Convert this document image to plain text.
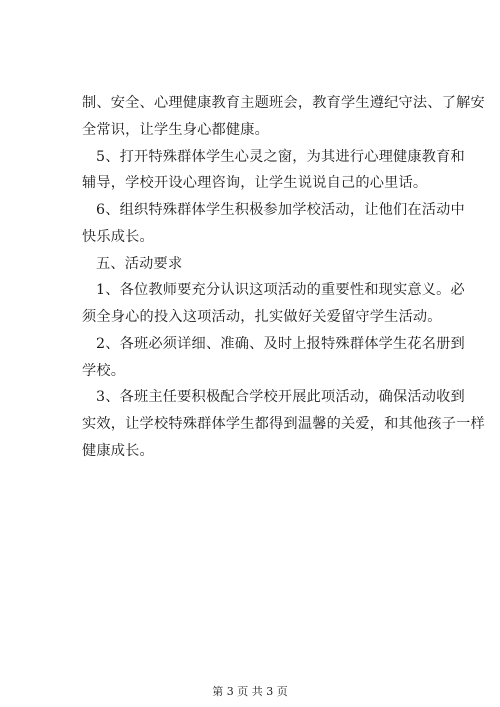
制、安全、心理健康教育主题班会，教育学生遵纪守法、了解安
全常识，让学生身心都健康。
5、打开特殊群体学生心灵之窗，为其进行心理健康教育和
辅导，学校开设心理咨询，让学生说说自己的心里话。
6、组织特殊群体学生积极参加学校活动，让他们在活动中
快乐成长。
五、活动要求
1、各位教师要充分认识这项活动的重要性和现实意义。必
须全身心的投入这项活动，扎实做好关爱留守学生活动。
2、各班必须详细、准确、及时上报特殊群体学生花名册到
学校。
3、各班主任要积极配合学校开展此项活动，确保活动收到
实效，让学校特殊群体学生都得到温馨的关爱，和其他孩子一样
健康成长。
第 3 页 共 3 页
